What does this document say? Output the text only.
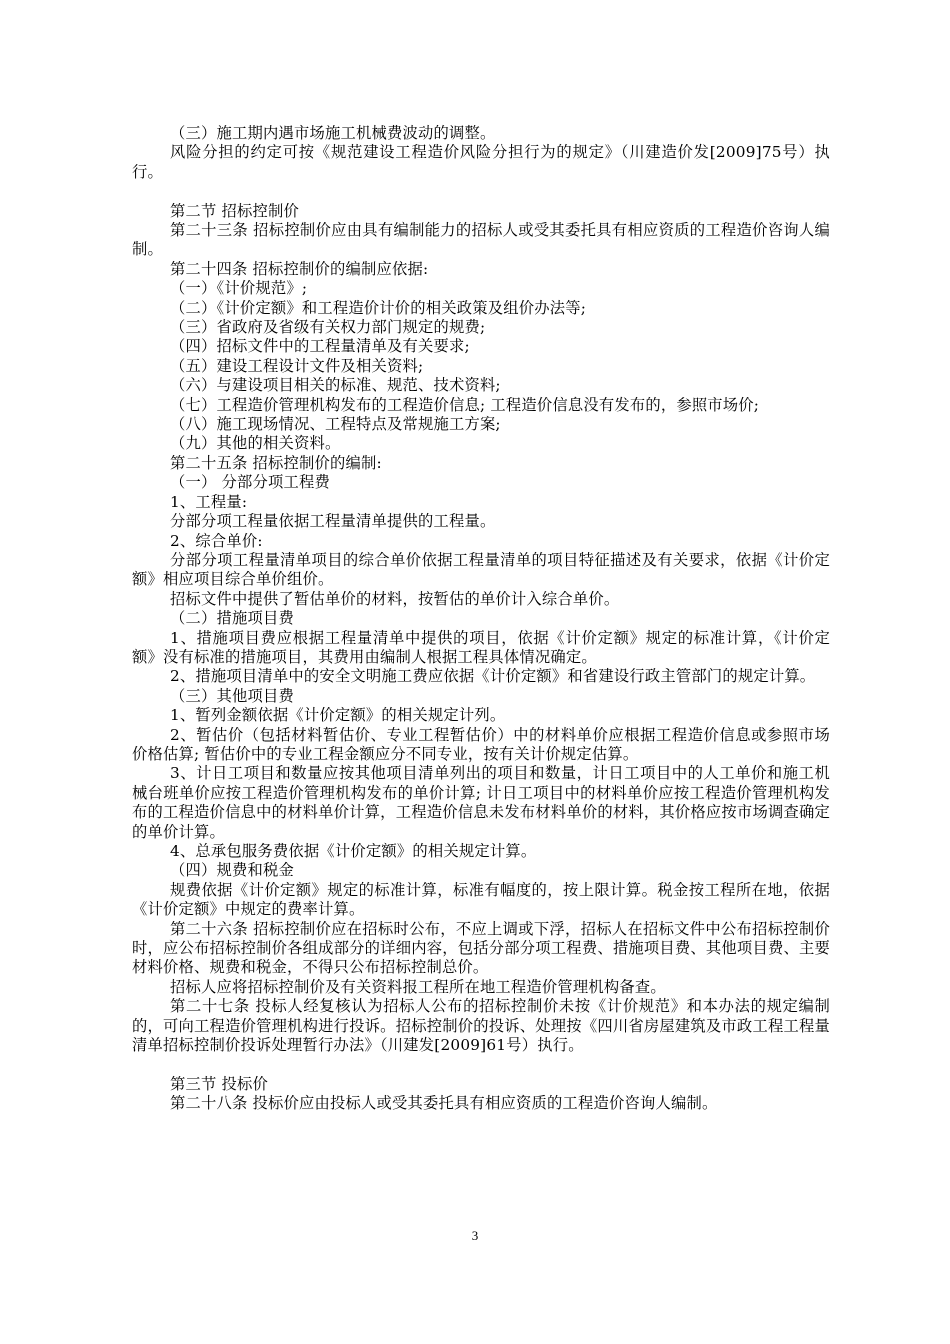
（三）施工期内遇市场施工机械费波动的调整。

风险分担的约定可按《规范建设工程造价风险分担行为的规定》（川建造价发[2009]75号）执行。

第二节 招标控制价

第二十三条 招标控制价应由具有编制能力的招标人或受其委托具有相应资质的工程造价咨询人编制。

第二十四条 招标控制价的编制应依据:

（一）《计价规范》;

（二）《计价定额》和工程造价计价的相关政策及组价办法等;

（三）省政府及省级有关权力部门规定的规费;

（四）招标文件中的工程量清单及有关要求;

（五）建设工程设计文件及相关资料;

（六）与建设项目相关的标准、规范、技术资料;

（七）工程造价管理机构发布的工程造价信息; 工程造价信息没有发布的，参照市场价;

（八）施工现场情况、工程特点及常规施工方案;

（九）其他的相关资料。

第二十五条 招标控制价的编制:

（一） 分部分项工程费

1、工程量:

分部分项工程量依据工程量清单提供的工程量。

2、综合单价:

分部分项工程量清单项目的综合单价依据工程量清单的项目特征描述及有关要求，依据《计价定额》相应项目综合单价组价。

招标文件中提供了暂估单价的材料，按暂估的单价计入综合单价。

（二）措施项目费

1、措施项目费应根据工程量清单中提供的项目，依据《计价定额》规定的标准计算，《计价定额》没有标准的措施项目，其费用由编制人根据工程具体情况确定。

2、措施项目清单中的安全文明施工费应依据《计价定额》和省建设行政主管部门的规定计算。

（三）其他项目费

1、暂列金额依据《计价定额》的相关规定计列。

2、暂估价（包括材料暂估价、专业工程暂估价）中的材料单价应根据工程造价信息或参照市场价格估算; 暂估价中的专业工程金额应分不同专业，按有关计价规定估算。

3、计日工项目和数量应按其他项目清单列出的项目和数量，计日工项目中的人工单价和施工机械台班单价应按工程造价管理机构发布的单价计算; 计日工项目中的材料单价应按工程造价管理机构发布的工程造价信息中的材料单价计算，工程造价信息未发布材料单价的材料，其价格应按市场调查确定的单价计算。

4、总承包服务费依据《计价定额》的相关规定计算。

（四）规费和税金

规费依据《计价定额》规定的标准计算，标准有幅度的，按上限计算。税金按工程所在地，依据《计价定额》中规定的费率计算。

第二十六条 招标控制价应在招标时公布，不应上调或下浮，招标人在招标文件中公布招标控制价时，应公布招标控制价各组成部分的详细内容，包括分部分项工程费、措施项目费、其他项目费、主要材料价格、规费和税金，不得只公布招标控制总价。

招标人应将招标控制价及有关资料报工程所在地工程造价管理机构备查。

第二十七条 投标人经复核认为招标人公布的招标控制价未按《计价规范》和本办法的规定编制的，可向工程造价管理机构进行投诉。招标控制价的投诉、处理按《四川省房屋建筑及市政工程工程量清单招标控制价投诉处理暂行办法》（川建发[2009]61号）执行。

第三节 投标价

第二十八条 投标价应由投标人或受其委托具有相应资质的工程造价咨询人编制。

3
